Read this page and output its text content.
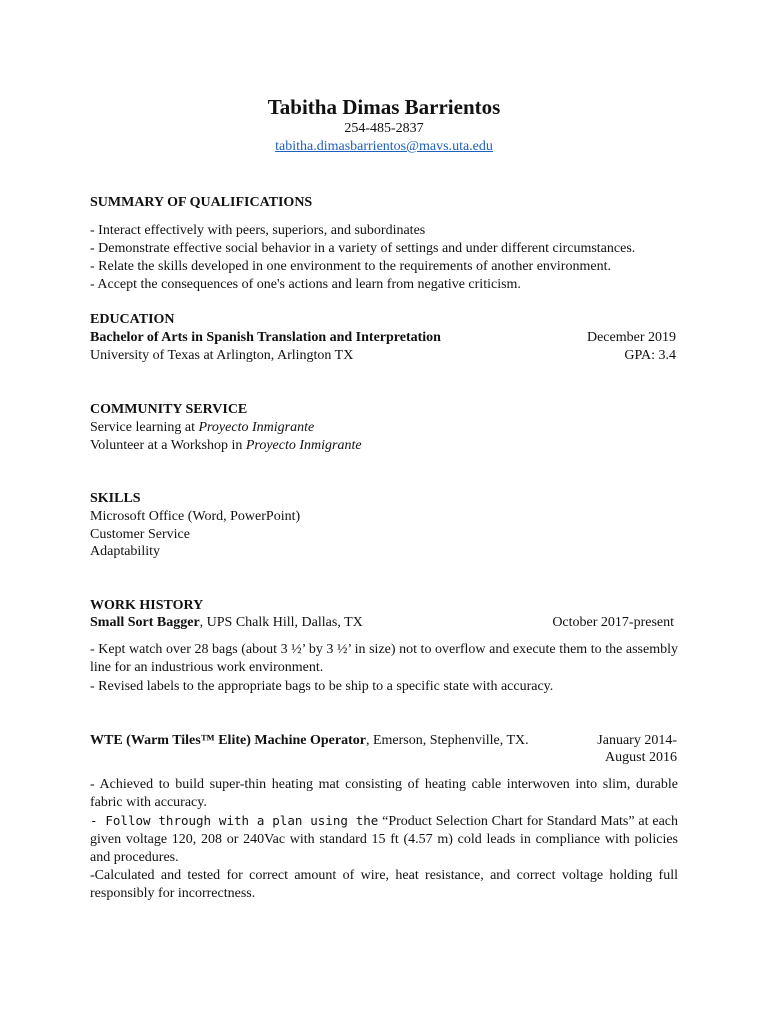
Tabitha Dimas Barrientos
254-485-2837
tabitha.dimasbarrientos@mavs.uta.edu
SUMMARY OF QUALIFICATIONS
- Interact effectively with peers, superiors, and subordinates
- Demonstrate effective social behavior in a variety of settings and under different circumstances.
- Relate the skills developed in one environment to the requirements of another environment.
- Accept the consequences of one's actions and learn from negative criticism.
EDUCATION
Bachelor of Arts in Spanish Translation and Interpretation	December 2019
University of Texas at Arlington, Arlington TX	GPA: 3.4
COMMUNITY SERVICE
Service learning at Proyecto Inmigrante
Volunteer at a Workshop in Proyecto Inmigrante
SKILLS
Microsoft Office (Word, PowerPoint)
Customer Service
Adaptability
WORK HISTORY
Small Sort Bagger, UPS Chalk Hill, Dallas, TX	October 2017-present
- Kept watch over 28 bags (about 3 ½’ by 3 ½’ in size) not to overflow and execute them to the assembly line for an industrious work environment.
- Revised labels to the appropriate bags to be ship to a specific state with accuracy.
WTE (Warm Tiles™ Elite) Machine Operator, Emerson, Stephenville, TX.	January 2014-
August 2016
- Achieved to build super-thin heating mat consisting of heating cable interwoven into slim, durable fabric with accuracy.
- Follow through with a plan using the “Product Selection Chart for Standard Mats” at each given voltage 120, 208 or 240Vac with standard 15 ft (4.57 m) cold leads in compliance with policies and procedures.
-Calculated and tested for correct amount of wire, heat resistance, and correct voltage holding full responsibly for incorrectness.
